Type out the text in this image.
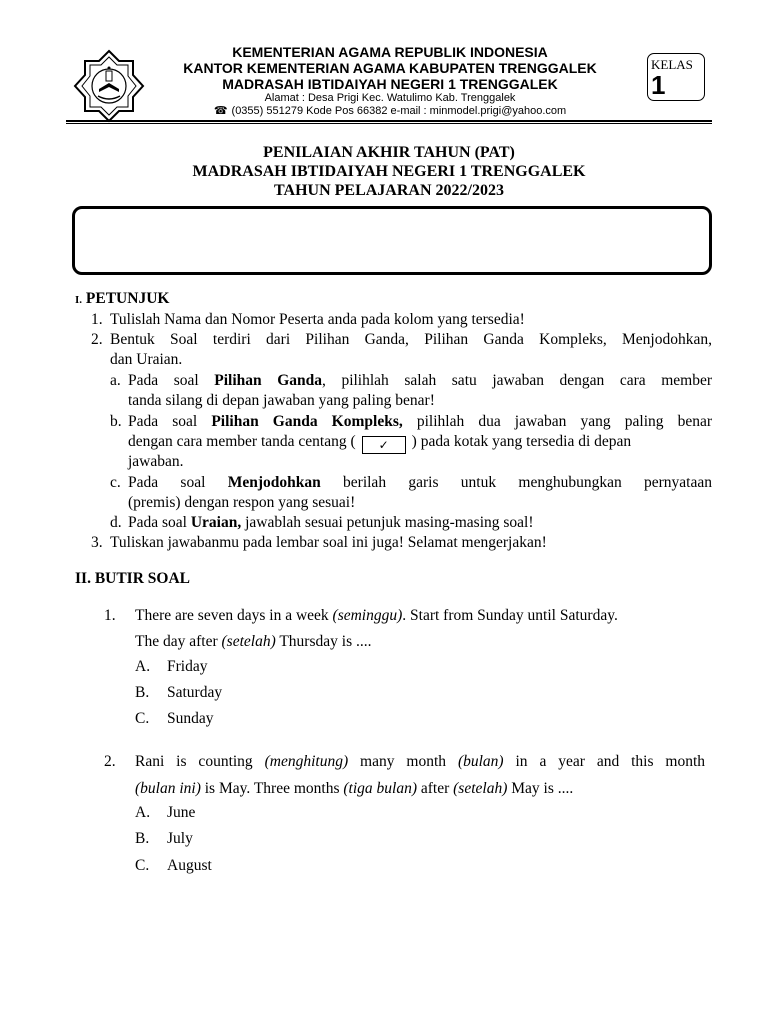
KEMENTERIAN AGAMA REPUBLIK INDONESIA
KANTOR KEMENTERIAN AGAMA KABUPATEN TRENGGALEK
MADRASAH IBTIDAIYAH NEGERI 1 TRENGGALEK
Alamat : Desa Prigi Kec. Watulimo Kab. Trenggalek
☎ (0355) 551279 Kode Pos 66382 e-mail : minmodel.prigi@yahoo.com
KELAS
1
PENILAIAN AKHIR TAHUN (PAT)
MADRASAH IBTIDAIYAH NEGERI 1 TRENGGALEK
TAHUN PELAJARAN 2022/2023
I. PETUNJUK
1. Tulislah Nama dan Nomor Peserta anda pada kolom yang tersedia!
2. Bentuk Soal terdiri dari Pilihan Ganda, Pilihan Ganda Kompleks, Menjodohkan,
dan Uraian.
a. Pada soal Pilihan Ganda, pilihlah salah satu jawaban dengan cara member
tanda silang di depan jawaban yang paling benar!
b. Pada soal Pilihan Ganda Kompleks, pilihlah dua jawaban yang paling benar
dengan cara member tanda centang ( ✓ ) pada kotak yang tersedia di depan
jawaban.
c. Pada soal Menjodohkan berilah garis untuk menghubungkan pernyataan
(premis) dengan respon yang sesuai!
d. Pada soal Uraian, jawablah sesuai petunjuk masing-masing soal!
3. Tuliskan jawabanmu pada lembar soal ini juga! Selamat mengerjakan!
II. BUTIR SOAL
1. There are seven days in a week (seminggu). Start from Sunday until Saturday.
The day after (setelah) Thursday is ....
A. Friday
B. Saturday
C. Sunday
2. Rani is counting (menghitung) many month (bulan) in a year and this month
(bulan ini) is May. Three months (tiga bulan) after (setelah) May is ....
A. June
B. July
C. August
